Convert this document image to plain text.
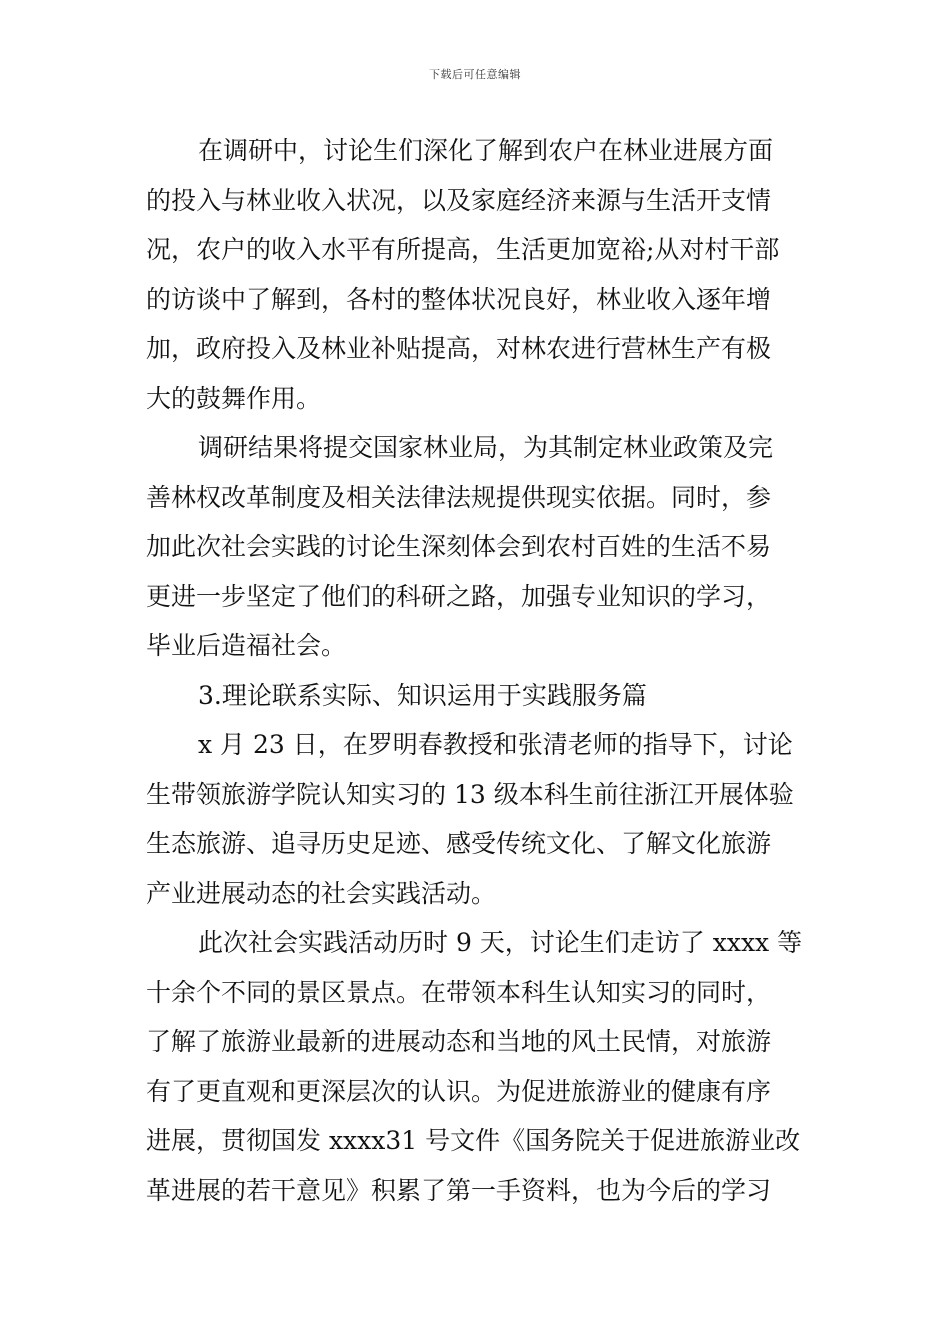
下载后可任意编辑
在调研中，讨论生们深化了解到农户在林业进展方面
的投入与林业收入状况，以及家庭经济来源与生活开支情
况，农户的收入水平有所提高，生活更加宽裕;从对村干部
的访谈中了解到，各村的整体状况良好，林业收入逐年增
加，政府投入及林业补贴提高，对林农进行营林生产有极
大的鼓舞作用。
调研结果将提交国家林业局，为其制定林业政策及完
善林权改革制度及相关法律法规提供现实依据。同时，参
加此次社会实践的讨论生深刻体会到农村百姓的生活不易
更进一步坚定了他们的科研之路，加强专业知识的学习，
毕业后造福社会。
3.理论联系实际、知识运用于实践服务篇
x 月 23 日，在罗明春教授和张清老师的指导下，讨论
生带领旅游学院认知实习的 13 级本科生前往浙江开展体验
生态旅游、追寻历史足迹、感受传统文化、了解文化旅游
产业进展动态的社会实践活动。
此次社会实践活动历时 9 天，讨论生们走访了 xxxx 等
十余个不同的景区景点。在带领本科生认知实习的同时，
了解了旅游业最新的进展动态和当地的风土民情，对旅游
有了更直观和更深层次的认识。为促进旅游业的健康有序
进展，贯彻国发 xxxx31 号文件《国务院关于促进旅游业改
革进展的若干意见》积累了第一手资料，也为今后的学习
